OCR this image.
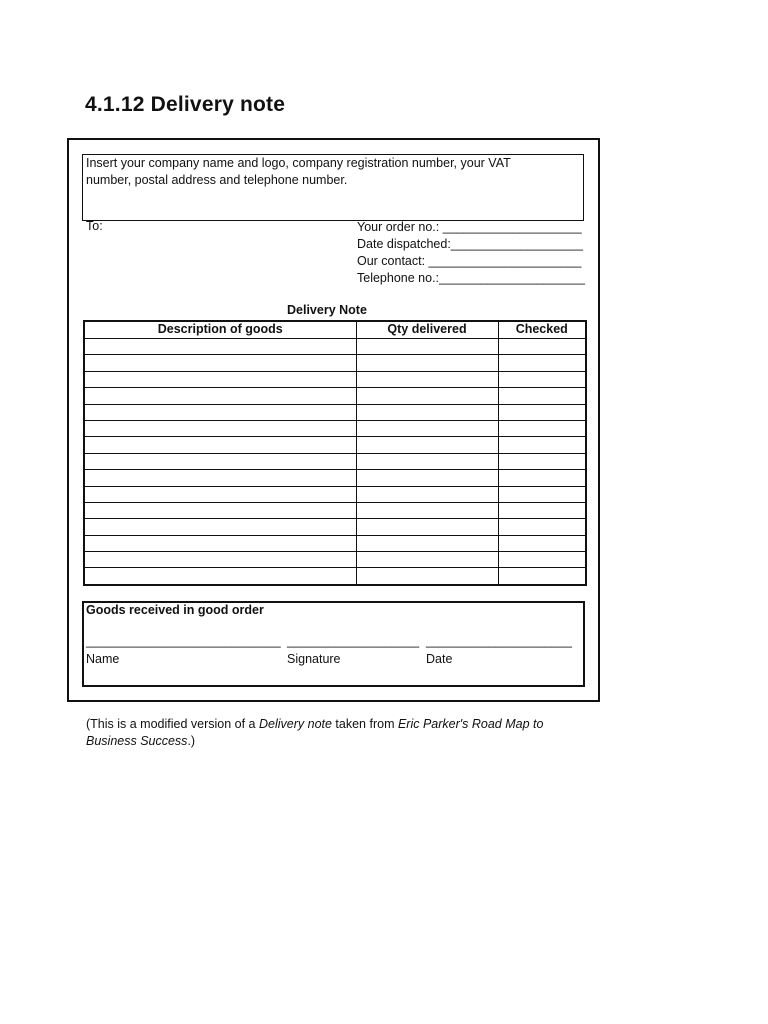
4.1.12 Delivery note
Insert your company name and logo, company registration number, your VAT
number, postal address and telephone number.
To:	Your order no.: ____________________
Date dispatched:___________________
Our contact: ______________________
Telephone no.:_____________________
Delivery Note
Description of goods	Qty delivered	Checked

Goods received in good order
____________________________ ___________________ _____________________
Name	Signature	Date
(This is a modified version of a Delivery note taken from Eric Parker's Road Map to Business Success.)
